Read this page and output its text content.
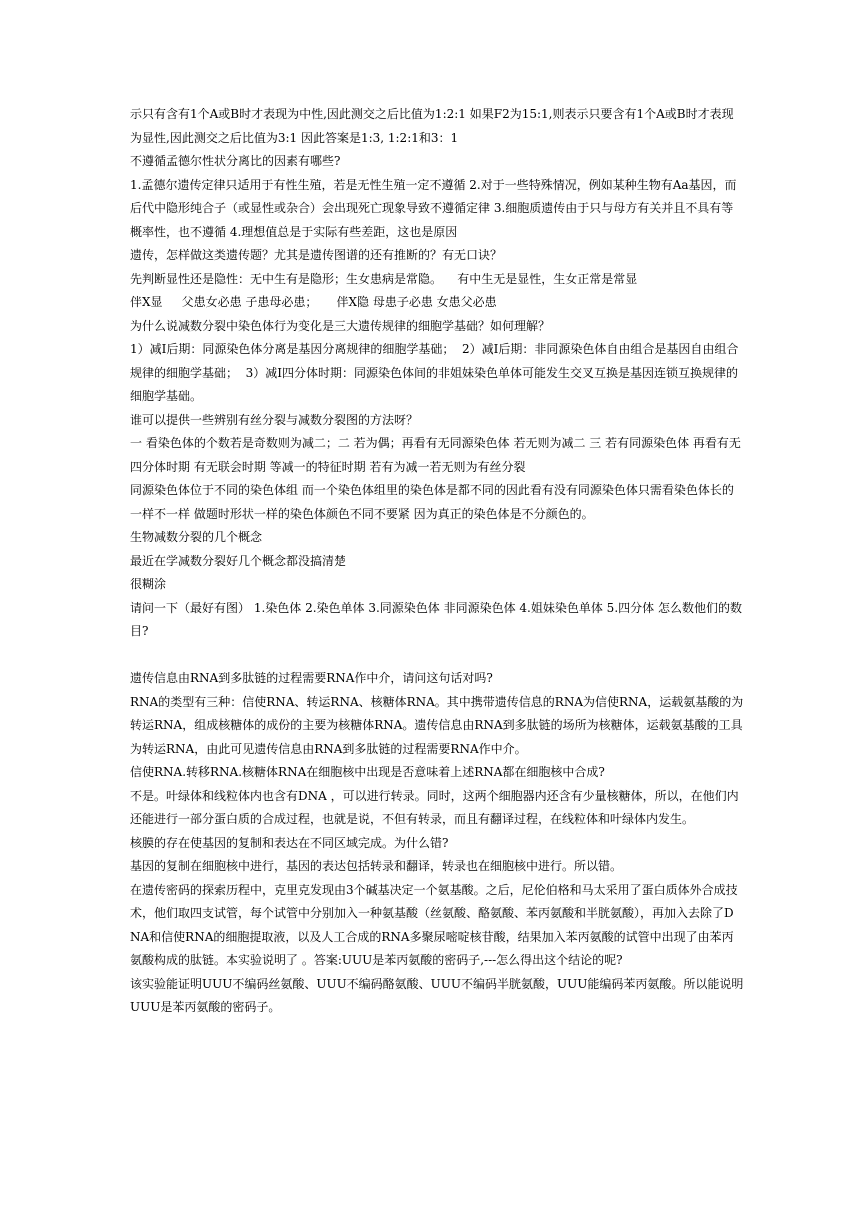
示只有含有1个A或B时才表现为中性,因此测交之后比值为1:2:1 如果F2为15:1,则表示只要含有1个A或B时才表现为显性,因此测交之后比值为3:1 因此答案是1:3, 1:2:1和3：1

不遵循孟德尔性状分离比的因素有哪些?

1.孟德尔遗传定律只适用于有性生殖，若是无性生殖一定不遵循 2.对于一些特殊情况，例如某种生物有Aa基因，而后代中隐形纯合子（或显性或杂合）会出现死亡现象导致不遵循定律 3.细胞质遗传由于只与母方有关并且不具有等概率性，也不遵循 4.理想值总是于实际有些差距，这也是原因

遗传，怎样做这类遗传题？尤其是遗传图谱的还有推断的？有无口诀？

先判断显性还是隐性：无中生有是隐形；生女患病是常隐。    有中生无是显性，生女正常是常显

伴X显     父患女必患 子患母必患；     伴X隐 母患子必患 女患父必患

为什么说减数分裂中染色体行为变化是三大遗传规律的细胞学基础？如何理解？

1）减Ⅰ后期：同源染色体分离是基因分离规律的细胞学基础；  2）减Ⅰ后期：非同源染色体自由组合是基因自由组合规律的细胞学基础；  3）减Ⅰ四分体时期：同源染色体间的非姐妹染色单体可能发生交叉互换是基因连锁互换规律的细胞学基础。

谁可以提供一些辨别有丝分裂与减数分裂图的方法呀？

一 看染色体的个数若是奇数则为减二；二 若为偶；再看有无同源染色体 若无则为减二 三 若有同源染色体 再看有无四分体时期 有无联会时期 等减一的特征时期 若有为减一若无则为有丝分裂

同源染色体位于不同的染色体组 而一个染色体组里的染色体是都不同的因此看有没有同源染色体只需看染色体长的一样不一样 做题时形状一样的染色体颜色不同不要紧 因为真正的染色体是不分颜色的。

生物减数分裂的几个概念

最近在学减数分裂好几个概念都没搞清楚

很糊涂

请问一下（最好有图） 1.染色体 2.染色单体 3.同源染色体 非同源染色体 4.姐妹染色单体 5.四分体 怎么数他们的数目?

遗传信息由RNA到多肽链的过程需要RNA作中介，请问这句话对吗?

RNA的类型有三种：信使RNA、转运RNA、核糖体RNA。其中携带遗传信息的RNA为信使RNA，运载氨基酸的为转运RNA，组成核糖体的成份的主要为核糖体RNA。遗传信息由RNA到多肽链的场所为核糖体，运载氨基酸的工具为转运RNA，由此可见遗传信息由RNA到多肽链的过程需要RNA作中介。

信使RNA.转移RNA.核糖体RNA在细胞核中出现是否意味着上述RNA都在细胞核中合成?

不是。叶绿体和线粒体内也含有DNA ，可以进行转录。同时，这两个细胞器内还含有少量核糖体，所以，在他们内还能进行一部分蛋白质的合成过程，也就是说，不但有转录，而且有翻译过程，在线粒体和叶绿体内发生。

核膜的存在使基因的复制和表达在不同区域完成。为什么错?

基因的复制在细胞核中进行，基因的表达包括转录和翻译，转录也在细胞核中进行。所以错。

在遗传密码的探索历程中，克里克发现由3个碱基决定一个氨基酸。之后，尼伦伯格和马太采用了蛋白质体外合成技术，他们取四支试管，每个试管中分别加入一种氨基酸（丝氨酸、酪氨酸、苯丙氨酸和半胱氨酸），再加入去除了DNA和信使RNA的细胞提取液，以及人工合成的RNA多聚尿嘧啶核苷酸，结果加入苯丙氨酸的试管中出现了由苯丙氨酸构成的肽链。本实验说明了 。答案:UUU是苯丙氨酸的密码子,---怎么得出这个结论的呢?

该实验能证明UUU不编码丝氨酸、UUU不编码酪氨酸、UUU不编码半胱氨酸，UUU能编码苯丙氨酸。所以能说明UUU是苯丙氨酸的密码子。
